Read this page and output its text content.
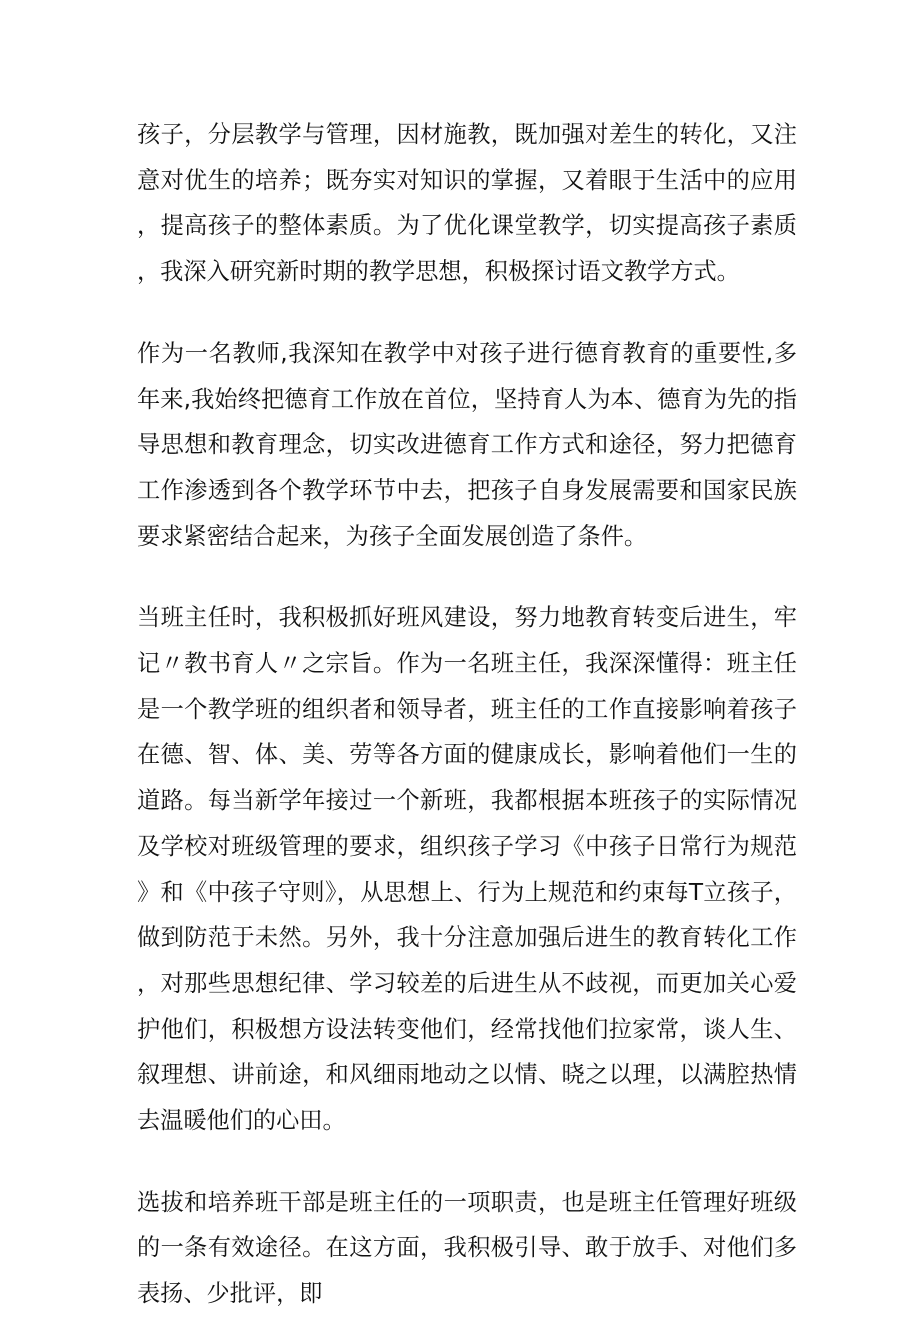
孩子，分层教学与管理，因材施教，既加强对差生的转化，又注意对优生的培养；既夯实对知识的掌握，又着眼于生活中的应用，提高孩子的整体素质。为了优化课堂教学，切实提高孩子素质，我深入研究新时期的教学思想，积极探讨语文教学方式。

作为一名教师,我深知在教学中对孩子进行德育教育的重要性,多年来,我始终把德育工作放在首位，坚持育人为本、德育为先的指导思想和教育理念，切实改进德育工作方式和途径，努力把德育工作渗透到各个教学环节中去，把孩子自身发展需要和国家民族要求紧密结合起来，为孩子全面发展创造了条件。

当班主任时，我积极抓好班风建设，努力地教育转变后进生，牢记〃教书育人〃之宗旨。作为一名班主任，我深深懂得：班主任是一个教学班的组织者和领导者，班主任的工作直接影响着孩子在德、智、体、美、劳等各方面的健康成长，影响着他们一生的道路。每当新学年接过一个新班，我都根据本班孩子的实际情况及学校对班级管理的要求，组织孩子学习《中孩子日常行为规范》和《中孩子守则》，从思想上、行为上规范和约束每T立孩子，做到防范于未然。另外，我十分注意加强后进生的教育转化工作，对那些思想纪律、学习较差的后进生从不歧视，而更加关心爱护他们，积极想方设法转变他们，经常找他们拉家常，谈人生、叙理想、讲前途，和风细雨地动之以情、晓之以理，以满腔热情去温暖他们的心田。

选拔和培养班干部是班主任的一项职责，也是班主任管理好班级的一条有效途径。在这方面，我积极引导、敢于放手、对他们多表扬、少批评，即
